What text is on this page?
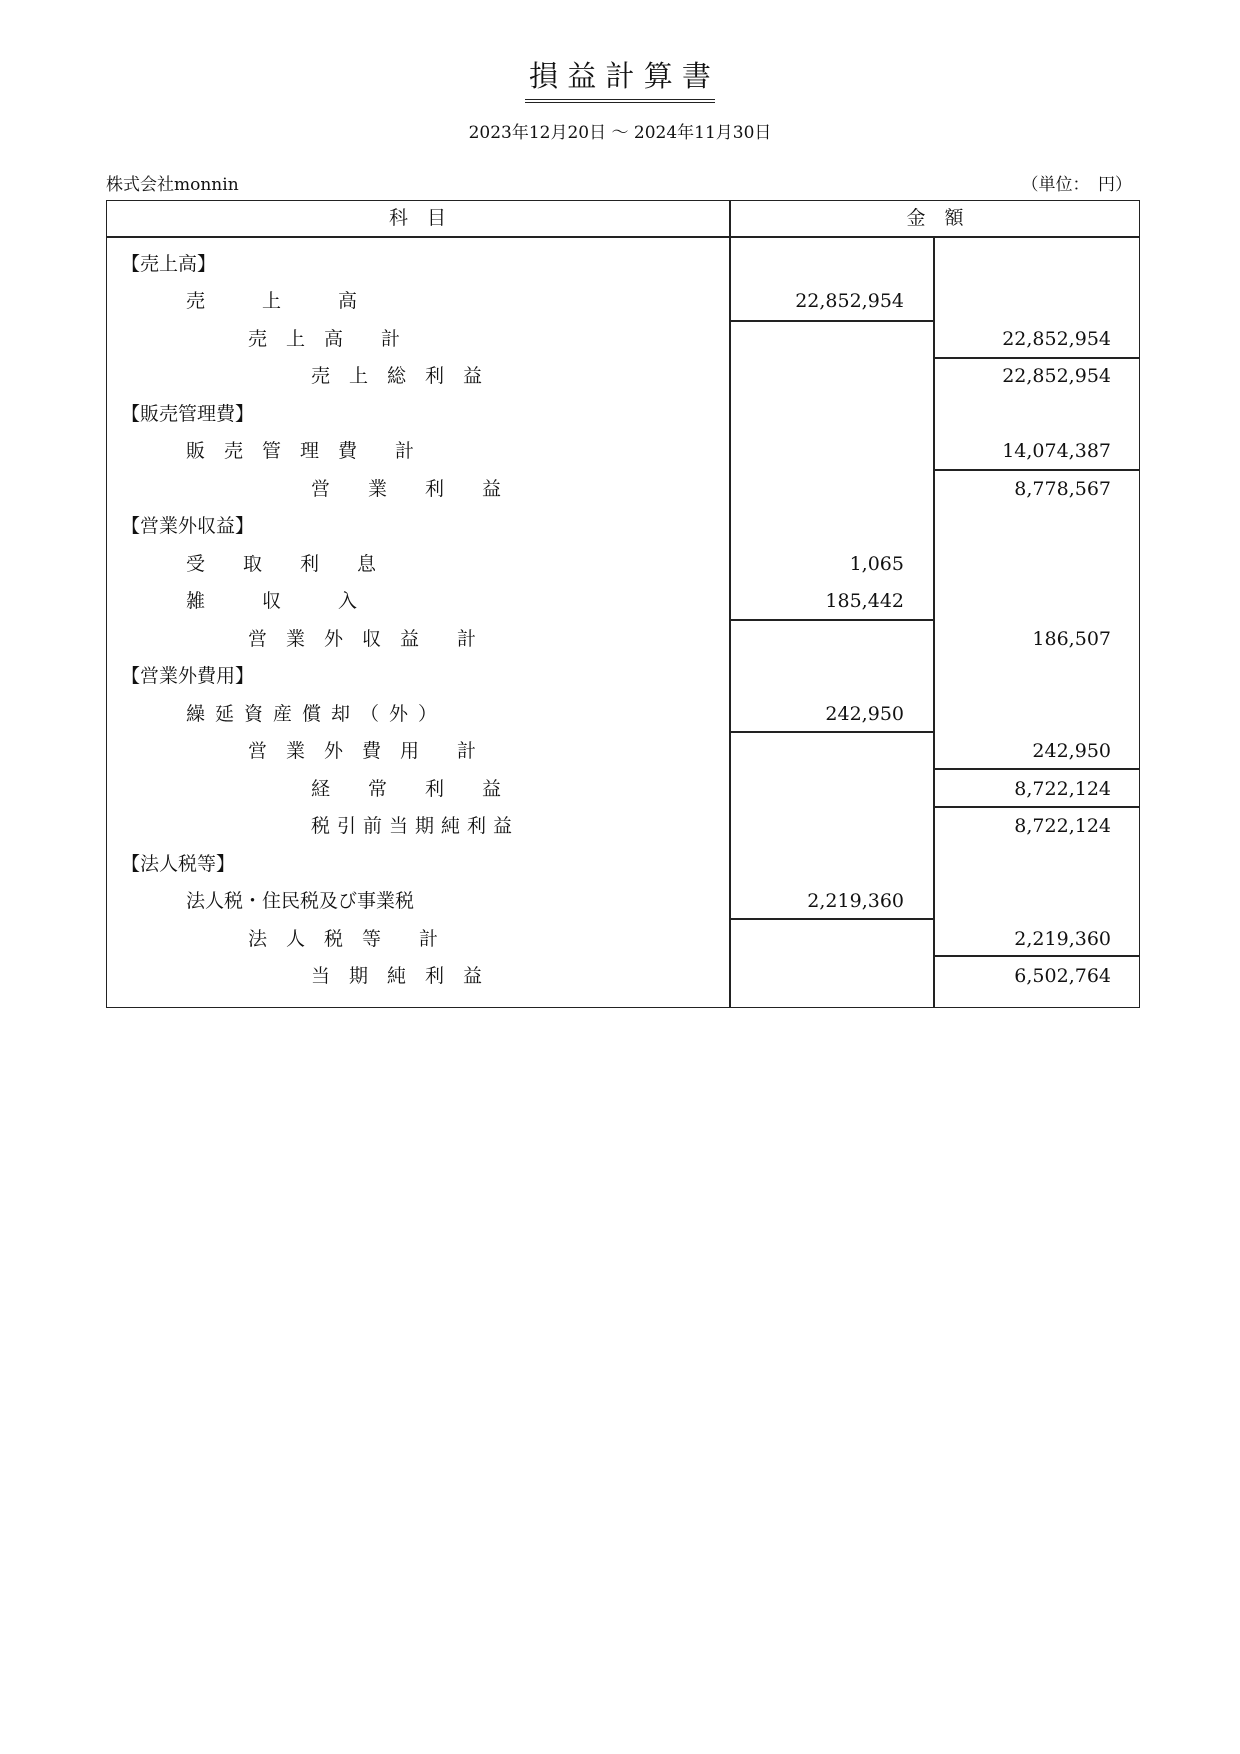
損 益 計 算 書
2023年12月20日 ～ 2024年11月30日
株式会社monnin	（単位：　円）
科　目	金　額
【売上高】
売　　　上　　　高	22,852,954
売　上　高　　計	22,852,954
売　上　総　利　益	22,852,954
【販売管理費】
販　売　管　理　費　　計	14,074,387
営　　業　　利　　益	8,778,567
【営業外収益】
受　　取　　利　　息	1,065
雑　　　収　　　入	185,442
営　業　外　収　益　　計	186,507
【営業外費用】
繰延資産償却（外）	242,950
営　業　外　費　用　　計	242,950
経　　常　　利　　益	8,722,124
税引前当期純利益	8,722,124
【法人税等】
法人税・住民税及び事業税	2,219,360
法　人　税　等　　計	2,219,360
当　期　純　利　益	6,502,764
